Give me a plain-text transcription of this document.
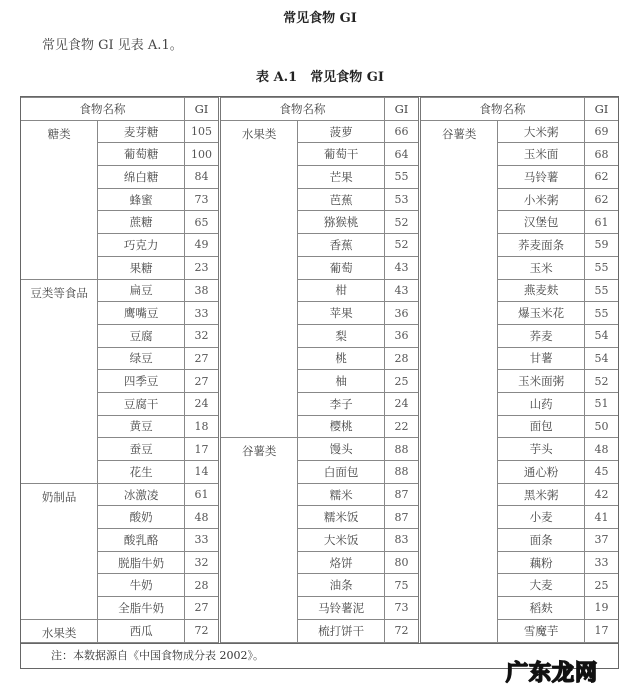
常见食物 GI
常见食物 GI 见表 A.1。
表 A.1　常见食物 GI
食物名称		GI
糖类	麦芽糖	105
	葡萄糖	100
	绵白糖	84
	蜂蜜	73
	蔗糖	65
	巧克力	49
	果糖	23
豆类等食品	扁豆	38
	鹰嘴豆	33
	豆腐	32
	绿豆	27
	四季豆	27
	豆腐干	24
	黄豆	18
	蚕豆	17
	花生	14
奶制品	冰激凌	61
	酸奶	48
	酸乳酪	33
	脱脂牛奶	32
	牛奶	28
	全脂牛奶	27
水果类	西瓜	72
食物名称		GI
水果类	菠萝	66
	葡萄干	64
	芒果	55
	芭蕉	53
	猕猴桃	52
	香蕉	52
	葡萄	43
	柑	43
	苹果	36
	梨	36
	桃	28
	柚	25
	李子	24
	樱桃	22
谷薯类	馒头	88
	白面包	88
	糯米	87
	糯米饭	87
	大米饭	83
	烙饼	80
	油条	75
	马铃薯泥	73
	梳打饼干	72
食物名称		GI
谷薯类	大米粥	69
	玉米面	68
	马铃薯	62
	小米粥	62
	汉堡包	61
	荞麦面条	59
	玉米	55
	燕麦麸	55
	爆玉米花	55
	荞麦	54
	甘薯	54
	玉米面粥	52
	山药	51
	面包	50
	芋头	48
	通心粉	45
	黑米粥	42
	小麦	41
	面条	37
	藕粉	33
	大麦	25
	稻麸	19
	雪魔芋	17
注：本数据源自《中国食物成分表 2002》。
广东龙网
